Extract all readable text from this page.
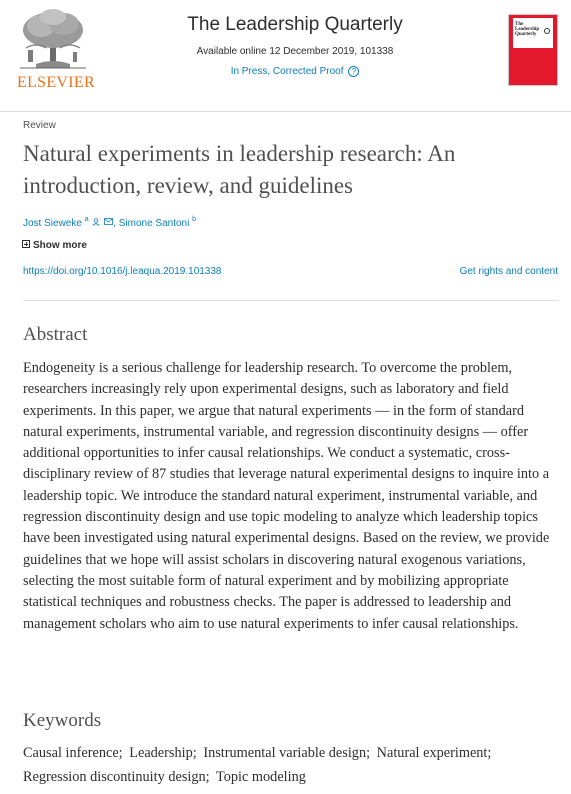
ELSEVIER
The Leadership Quarterly
Available online 12 December 2019, 101338
In Press, Corrected Proof ?
The
Leadership
Quarterly
Review
Natural experiments in leadership research: An introduction, review, and guidelines
Jost Sieweke $^a$ , Simone Santoni $^b$
Show more
https://doi.org/10.1016/j.leaqua.2019.101338	Get rights and content
Abstract

Endogeneity is a serious challenge for leadership research. To overcome the problem, researchers increasingly rely upon experimental designs, such as laboratory and field experiments. In this paper, we argue that natural experiments — in the form of standard natural experiments, instrumental variable, and regression discontinuity designs — offer additional opportunities to infer causal relationships. We conduct a systematic, cross-disciplinary review of 87 studies that leverage natural experimental designs to inquire into a leadership topic. We introduce the standard natural experiment, instrumental variable, and regression discontinuity design and use topic modeling to analyze which leadership topics have been investigated using natural experimental designs. Based on the review, we provide guidelines that we hope will assist scholars in discovering natural exogenous variations, selecting the most suitable form of natural experiment and by mobilizing appropriate statistical techniques and robustness checks. The paper is addressed to leadership and management scholars who aim to use natural experiments to infer causal relationships.

Keywords
Causal inference; Leadership; Instrumental variable design; Natural experiment;
Regression discontinuity design; Topic modeling
